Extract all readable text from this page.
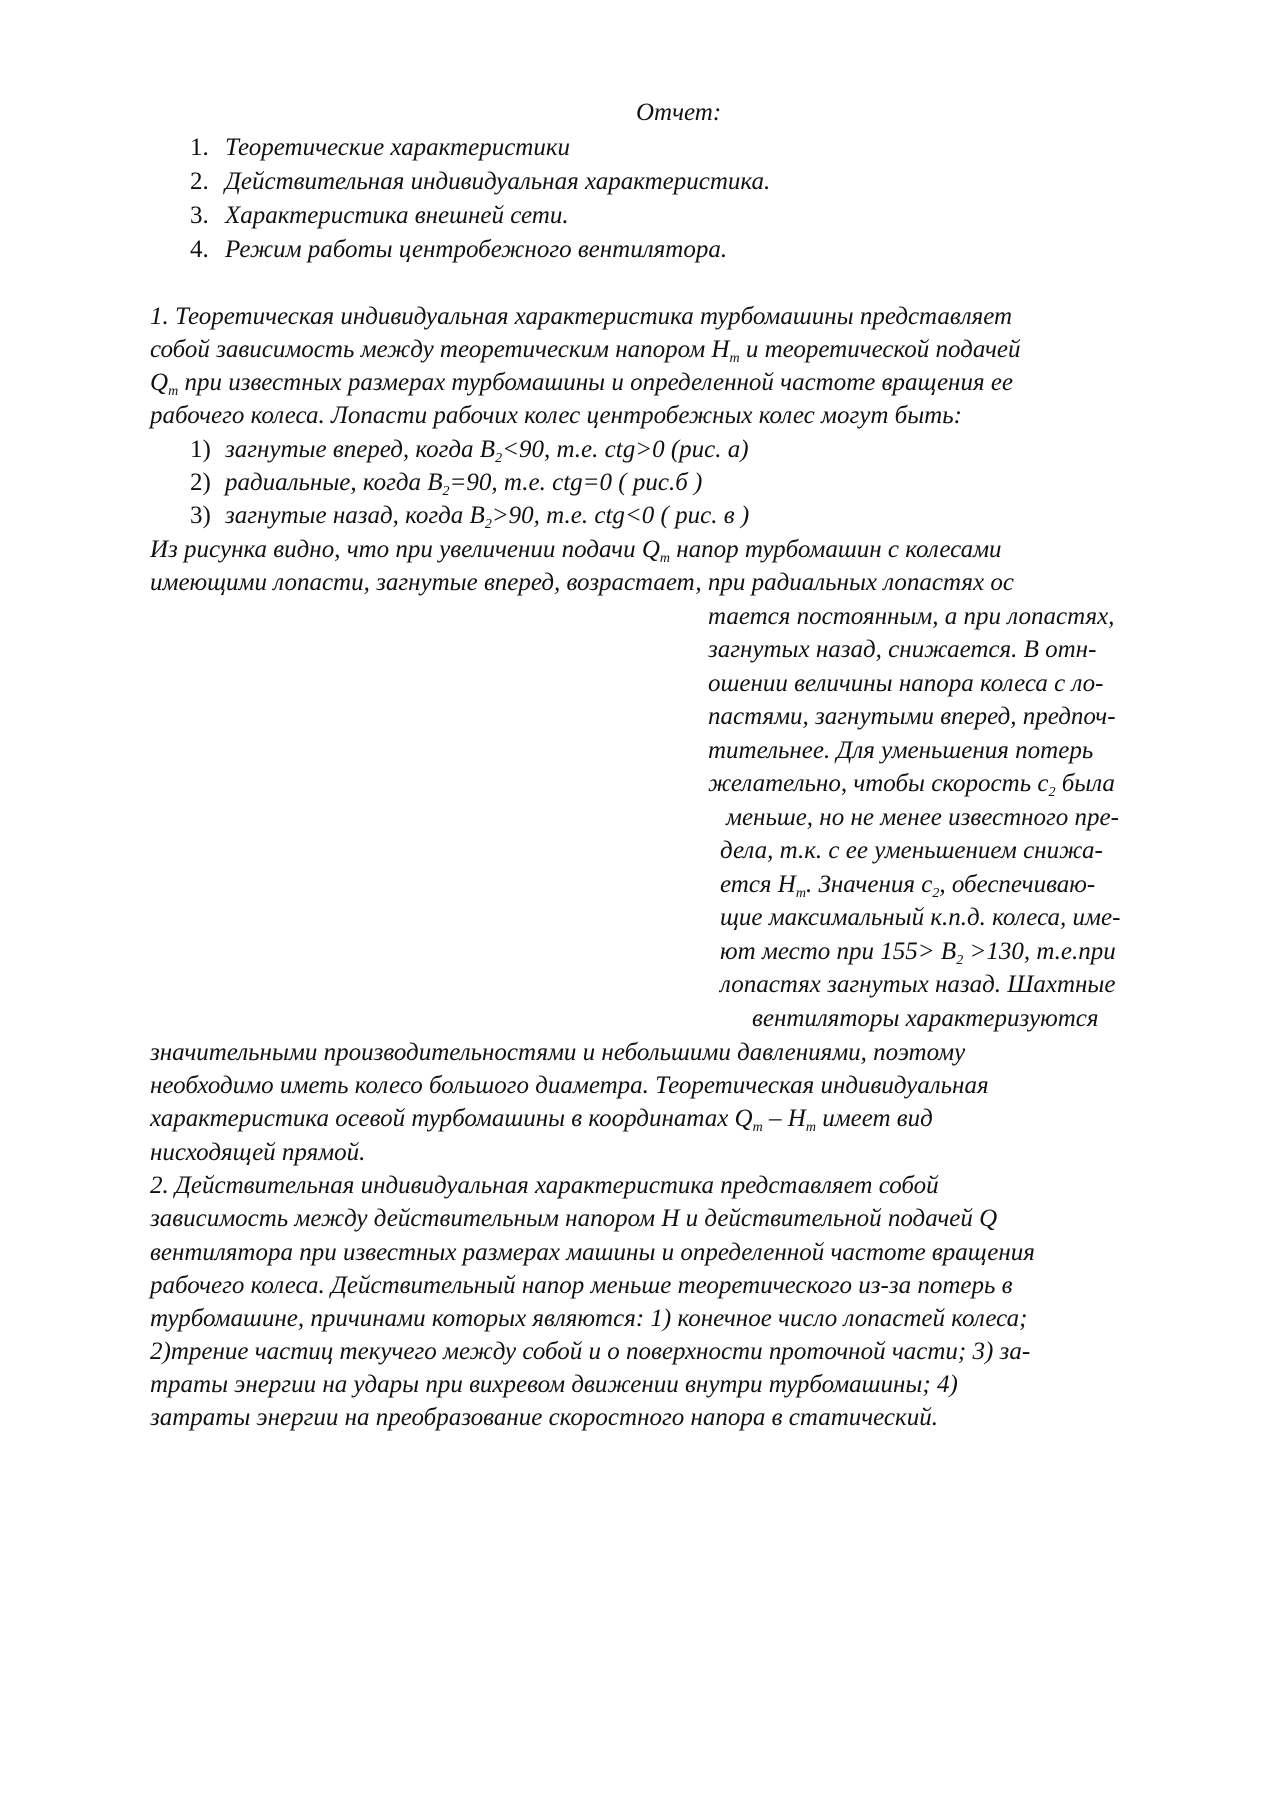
Отчет:
1. Теоретические характеристики
2. Действительная индивидуальная характеристика.
3. Характеристика внешней сети.
4. Режим работы центробежного вентилятора.
1. Теоретическая индивидуальная характеристика турбомашины представляет
собой зависимость между теоретическим напором $H_т$ и теоретической подачей
$Q_т$ при известных размерах турбомашины и определенной частоте вращения ее
рабочего колеса. Лопасти рабочих колес центробежных колес могут быть:
1) загнутые вперед, когда $B_2<90$, т.е. ctg>0 (рис. а)
2) радиальные, когда $B_2=90$, т.е. ctg=0 ( рис.б )
3) загнутые назад, когда $B_2>90$, т.е. ctg<0 ( рис. в )
Из рисунка видно, что при увеличении подачи $Q_т$ напор турбомашин с колесами
имеющими лопасти, загнутые вперед, возрастает, при радиальных лопастях ос
тается постоянным, а при лопастях,
загнутых назад, снижается. В отн-
ошении величины напора колеса с ло-
пастями, загнутыми вперед, предпоч-
тительнее. Для уменьшения потерь
желательно, чтобы скорость $c_2$ была
меньше, но не менее известного пре-
дела, т.к. с ее уменьшением снижа-
ется $H_т$. Значения $c_2$, обеспечиваю-
щие максимальный к.п.д. колеса, име-
ют место при $155> B_2 >130$, т.е.при
лопастях загнутых назад. Шахтные
вентиляторы характеризуются
значительными производительностями и небольшими давлениями, поэтому
необходимо иметь колесо большого диаметра. Теоретическая индивидуальная
характеристика осевой турбомашины в координатах $Q_т - H_т$ имеет вид
нисходящей прямой.
2. Действительная индивидуальная характеристика представляет собой
зависимость между действительным напором H и действительной подачей Q
вентилятора при известных размерах машины и определенной частоте вращения
рабочего колеса. Действительный напор меньше теоретического из-за потерь в
турбомашине, причинами которых являются: 1) конечное число лопастей колеса;
2)трение частиц текучего между собой и о поверхности проточной части; 3) за-
траты энергии на удары при вихревом движении внутри турбомашины; 4)
затраты энергии на преобразование скоростного напора в статический.
